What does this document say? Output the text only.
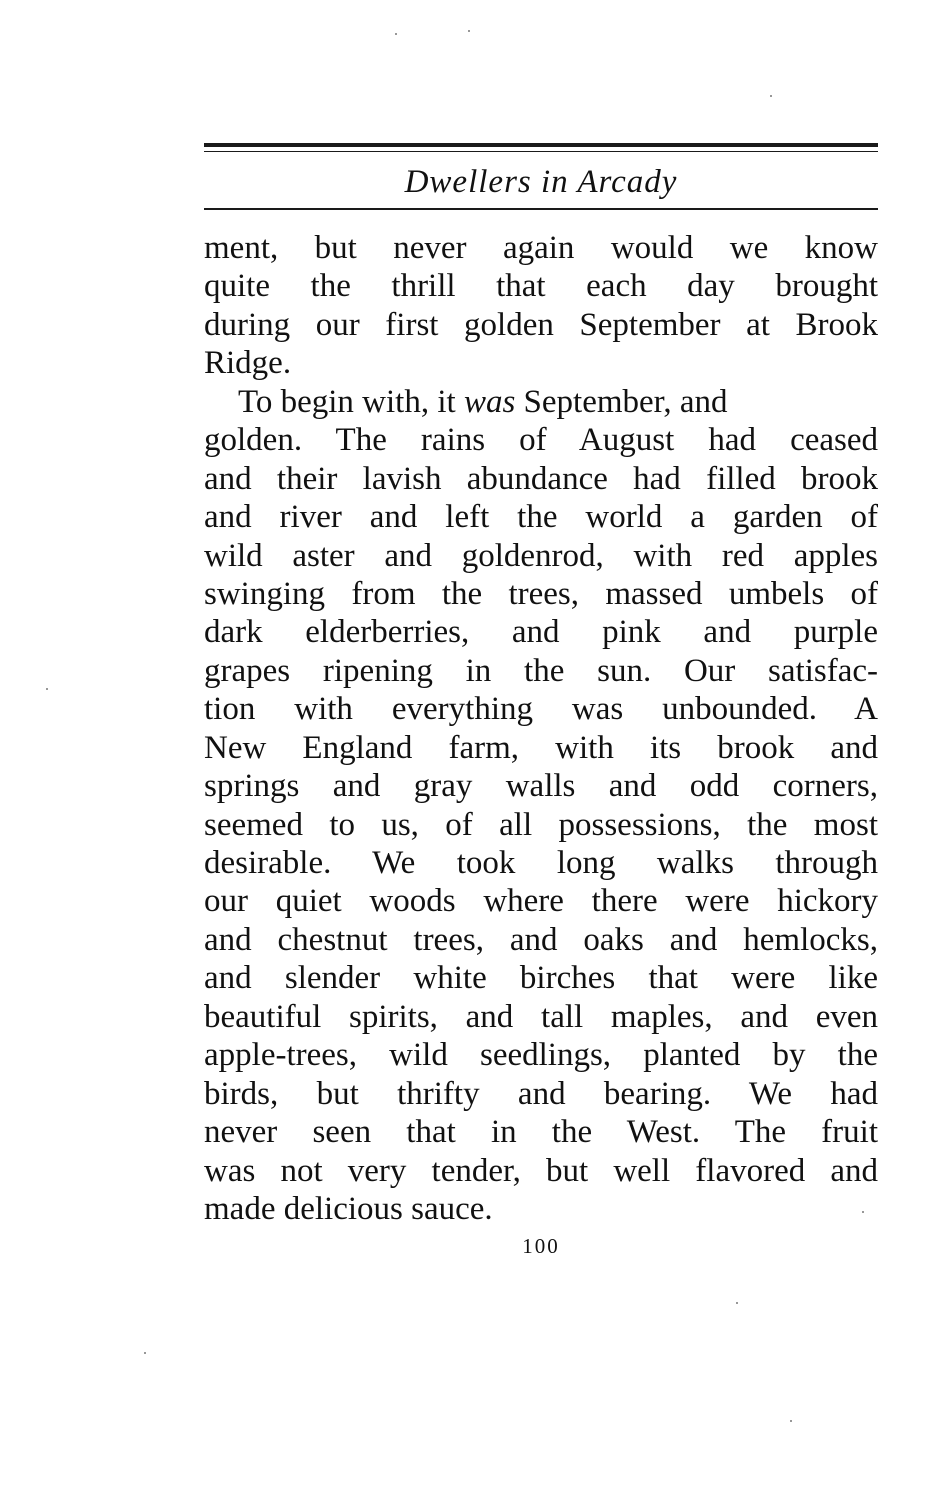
Dwellers in Arcady
ment, but never again would we know
quite the thrill that each day brought
during our first golden September at Brook
Ridge.
To begin with, it was September, and
golden. The rains of August had ceased
and their lavish abundance had filled brook
and river and left the world a garden of
wild aster and goldenrod, with red apples
swinging from the trees, massed umbels of
dark elderberries, and pink and purple
grapes ripening in the sun. Our satisfac-
tion with everything was unbounded. A
New England farm, with its brook and
springs and gray walls and odd corners,
seemed to us, of all possessions, the most
desirable. We took long walks through
our quiet woods where there were hickory
and chestnut trees, and oaks and hemlocks,
and slender white birches that were like
beautiful spirits, and tall maples, and even
apple-trees, wild seedlings, planted by the
birds, but thrifty and bearing. We had
never seen that in the West. The fruit
was not very tender, but well flavored and
made delicious sauce.
100
